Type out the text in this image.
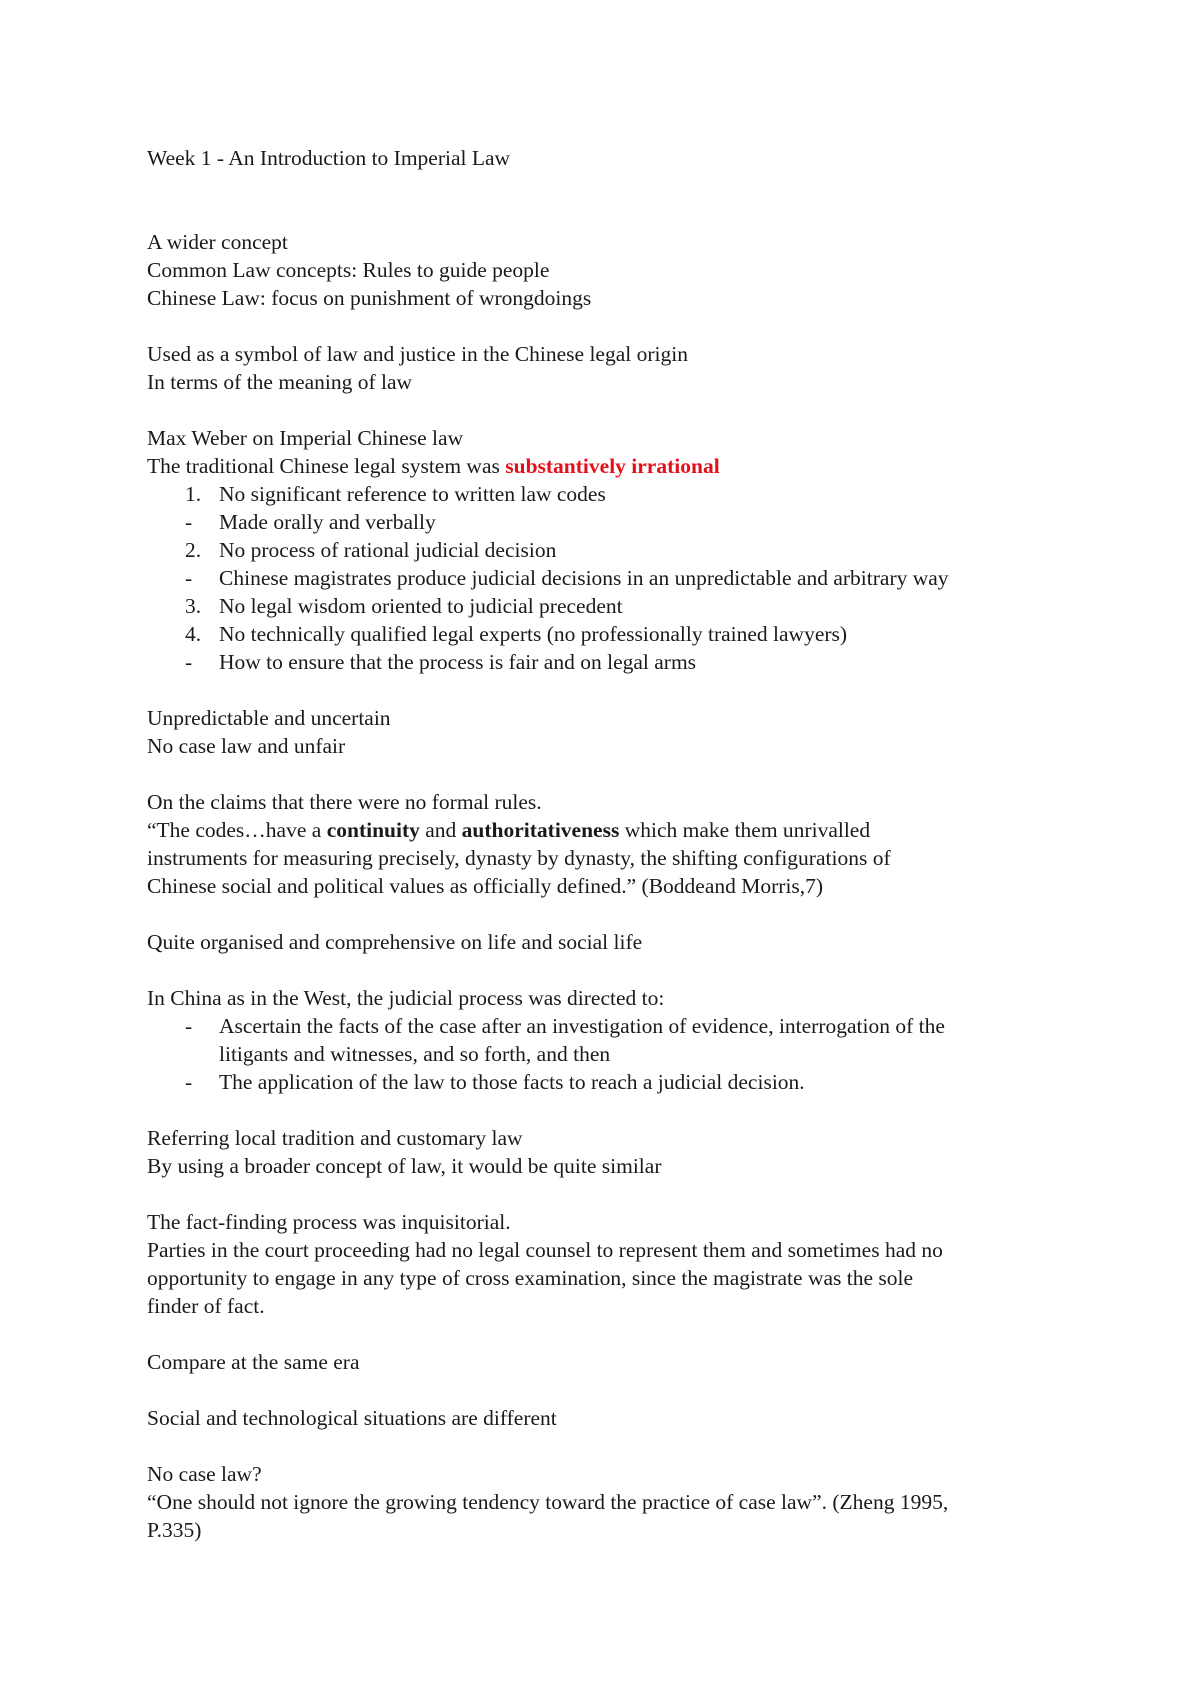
Week 1 - An Introduction to Imperial Law
A wider concept
Common Law concepts: Rules to guide people
Chinese Law: focus on punishment of wrongdoings
Used as a symbol of law and justice in the Chinese legal origin
In terms of the meaning of law
Max Weber on Imperial Chinese law
The traditional Chinese legal system was substantively irrational
1. No significant reference to written law codes
- Made orally and verbally
2. No process of rational judicial decision
- Chinese magistrates produce judicial decisions in an unpredictable and arbitrary way
3. No legal wisdom oriented to judicial precedent
4. No technically qualified legal experts (no professionally trained lawyers)
- How to ensure that the process is fair and on legal arms
Unpredictable and uncertain
No case law and unfair
On the claims that there were no formal rules.
“The codes…have a continuity and authoritativeness which make them unrivalled
instruments for measuring precisely, dynasty by dynasty, the shifting configurations of
Chinese social and political values as officially defined.” (Boddeand Morris,7)
Quite organised and comprehensive on life and social life
In China as in the West, the judicial process was directed to:
- Ascertain the facts of the case after an investigation of evidence, interrogation of the
litigants and witnesses, and so forth, and then
- The application of the law to those facts to reach a judicial decision.
Referring local tradition and customary law
By using a broader concept of law, it would be quite similar
The fact-finding process was inquisitorial.
Parties in the court proceeding had no legal counsel to represent them and sometimes had no
opportunity to engage in any type of cross examination, since the magistrate was the sole
finder of fact.
Compare at the same era
Social and technological situations are different
No case law?
“One should not ignore the growing tendency toward the practice of case law”. (Zheng 1995,
P.335)
